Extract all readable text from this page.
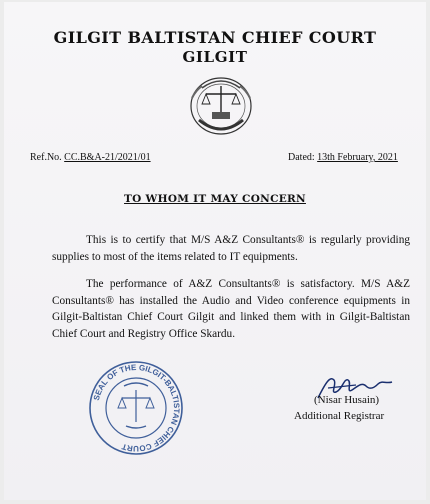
GILGIT BALTISTAN CHIEF COURT
GILGIT
Ref.No. CC.B&A-21/2021/01	Dated: 13th February, 2021
TO WHOM IT MAY CONCERN

This is to certify that M/S A&Z Consultants® is regularly providing supplies to most of the items related to IT equipments.

The performance of A&Z Consultants® is satisfactory. M/S A&Z Consultants® has installed the Audio and Video conference equipments in Gilgit-Baltistan Chief Court Gilgit and linked them with in Gilgit-Baltistan Chief Court and Registry Office Skardu.

SEAL OF THE GILGIT-BALTISTAN CHIEF COURT
(Nisar Husain)
Additional Registrar
